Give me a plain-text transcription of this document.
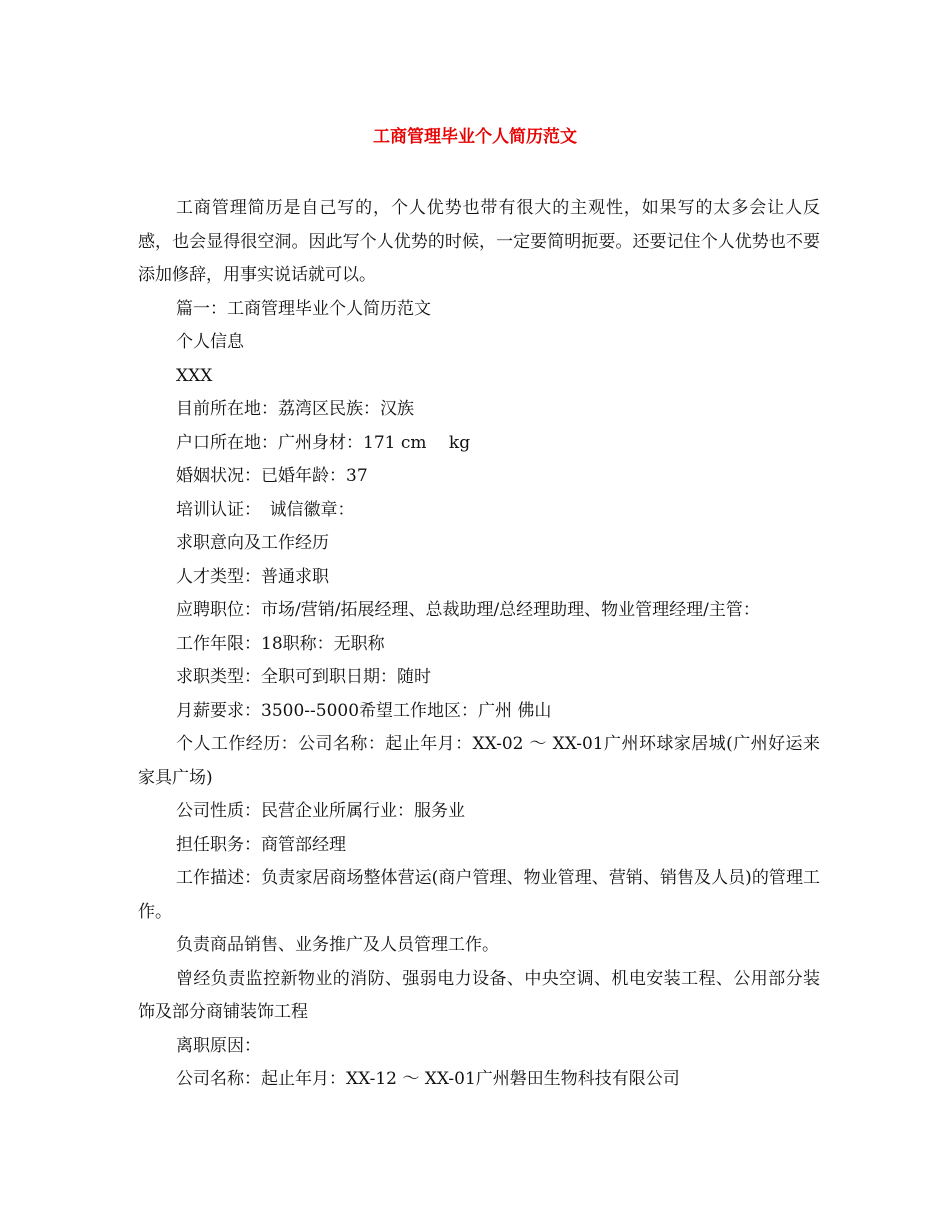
工商管理毕业个人简历范文

工商管理简历是自己写的，个人优势也带有很大的主观性，如果写的太多会让人反感，也会显得很空洞。因此写个人优势的时候，一定要简明扼要。还要记住个人优势也不要添加修辞，用事实说话就可以。

篇一：工商管理毕业个人简历范文

个人信息

XXX

目前所在地：荔湾区民族：汉族

户口所在地：广州身材：171 cm　 kg

婚姻状况：已婚年龄：37

培训认证：　诚信徽章：

求职意向及工作经历

人才类型：普通求职

应聘职位：市场/营销/拓展经理、总裁助理/总经理助理、物业管理经理/主管：

工作年限：18职称：无职称

求职类型：全职可到职日期：随时

月薪要求：3500--5000希望工作地区：广州 佛山

个人工作经历：公司名称：起止年月：XX-02 ～ XX-01广州环球家居城(广州好运来家具广场)

公司性质：民营企业所属行业：服务业

担任职务：商管部经理

工作描述：负责家居商场整体营运(商户管理、物业管理、营销、销售及人员)的管理工作。

负责商品销售、业务推广及人员管理工作。

曾经负责监控新物业的消防、强弱电力设备、中央空调、机电安装工程、公用部分装饰及部分商铺装饰工程

离职原因：

公司名称：起止年月：XX-12 ～ XX-01广州磐田生物科技有限公司
